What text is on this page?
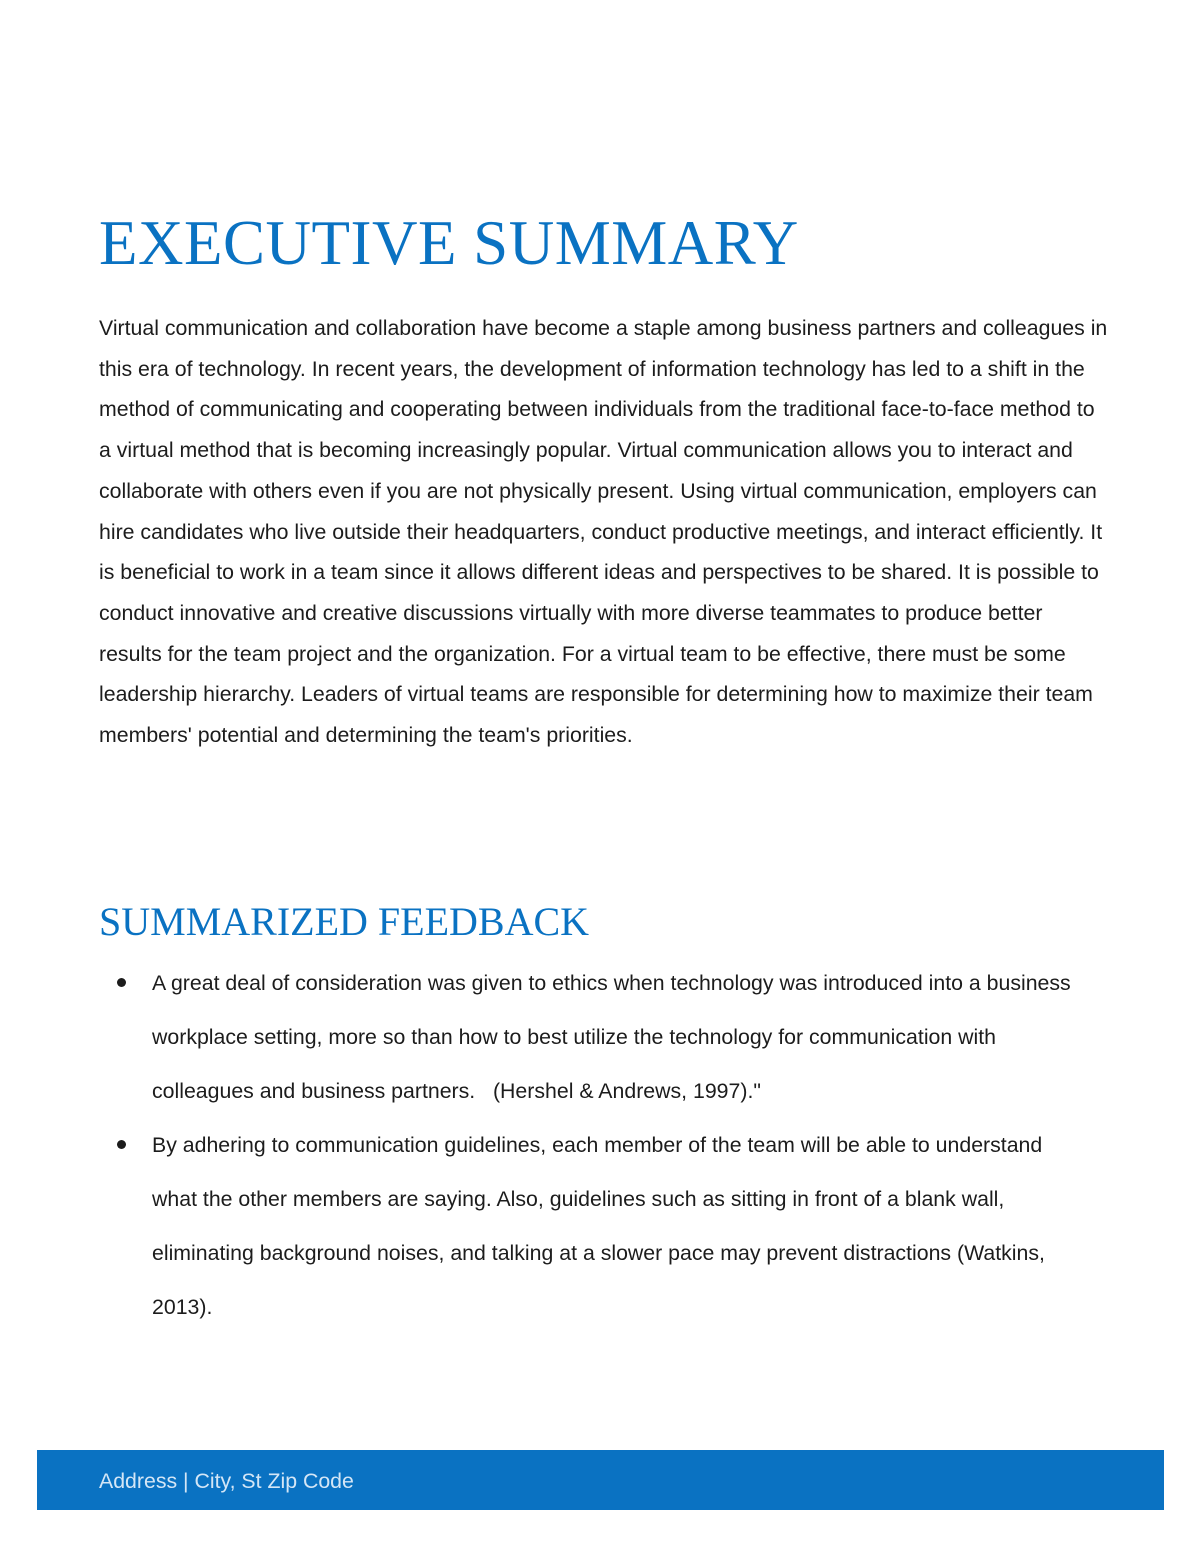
EXECUTIVE SUMMARY

Virtual communication and collaboration have become a staple among business partners and colleagues in this era of technology. In recent years, the development of information technology has led to a shift in the method of communicating and cooperating between individuals from the traditional face-to-face method to a virtual method that is becoming increasingly popular. Virtual communication allows you to interact and collaborate with others even if you are not physically present. Using virtual communication, employers can hire candidates who live outside their headquarters, conduct productive meetings, and interact efficiently. It is beneficial to work in a team since it allows different ideas and perspectives to be shared. It is possible to conduct innovative and creative discussions virtually with more diverse teammates to produce better results for the team project and the organization. For a virtual team to be effective, there must be some leadership hierarchy. Leaders of virtual teams are responsible for determining how to maximize their team members' potential and determining the team's priorities.

SUMMARIZED FEEDBACK
A great deal of consideration was given to ethics when technology was introduced into a business workplace setting, more so than how to best utilize the technology for communication with colleagues and business partners.   (Hershel & Andrews, 1997)."
By adhering to communication guidelines, each member of the team will be able to understand what the other members are saying. Also, guidelines such as sitting in front of a blank wall, eliminating background noises, and talking at a slower pace may prevent distractions (Watkins, 2013).
Address | City, St Zip Code
